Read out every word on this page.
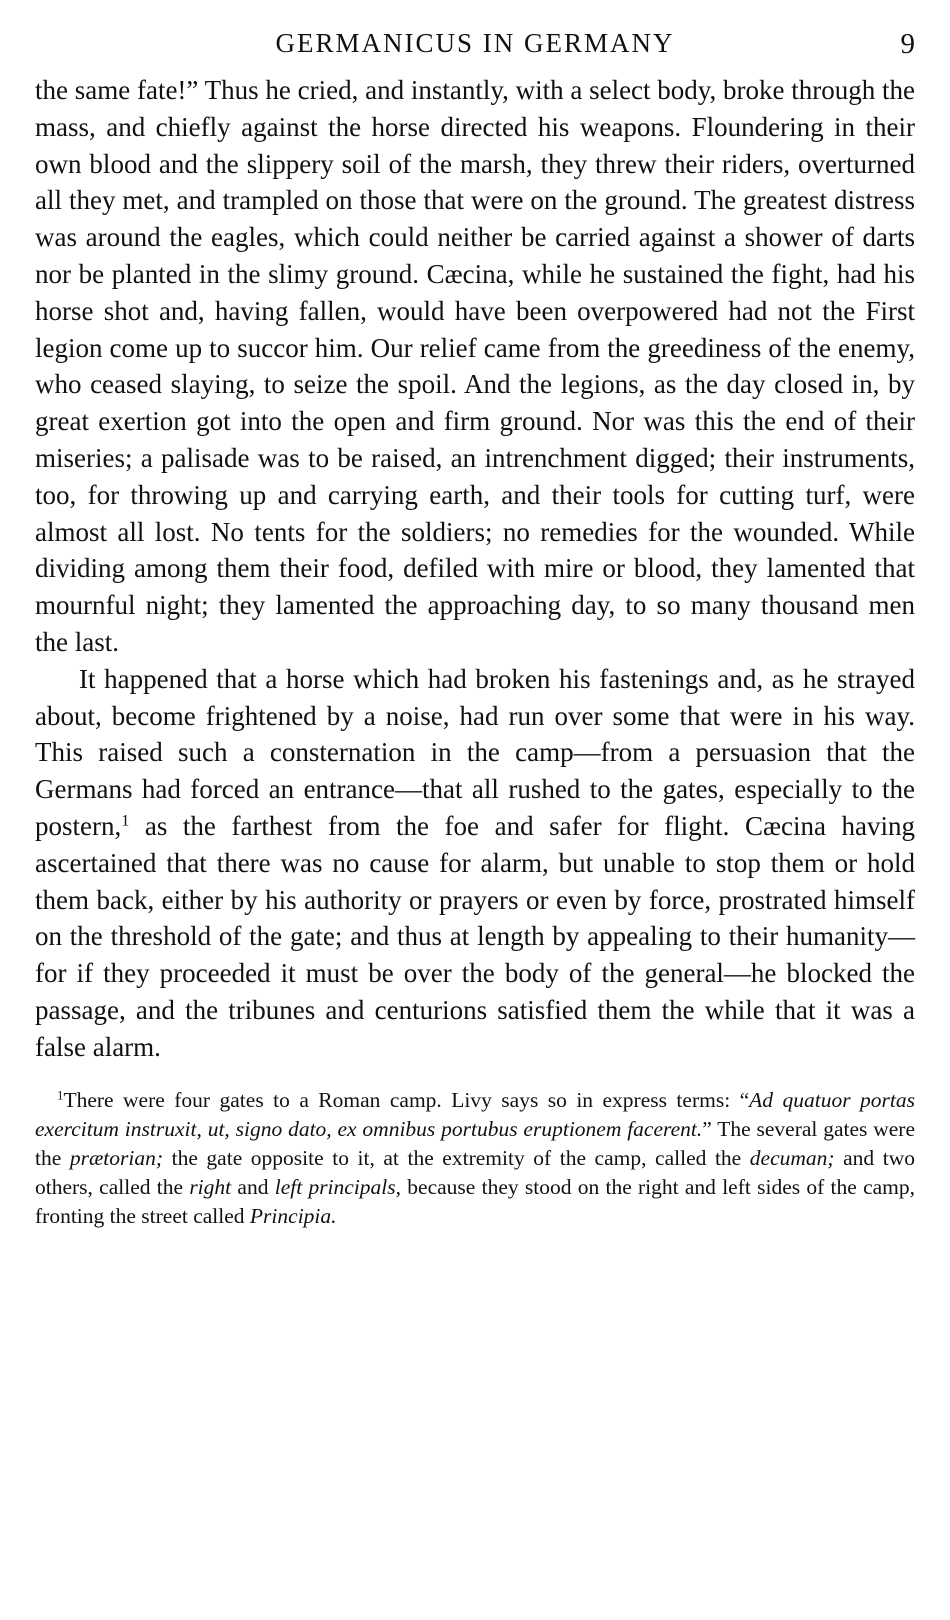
GERMANICUS IN GERMANY	9

the same fate!” Thus he cried, and instantly, with a select body, broke through the mass, and chiefly against the horse directed his weapons. Floundering in their own blood and the slippery soil of the marsh, they threw their riders, overturned all they met, and trampled on those that were on the ground. The greatest distress was around the eagles, which could neither be carried against a shower of darts nor be planted in the slimy ground. Cæcina, while he sustained the fight, had his horse shot and, having fallen, would have been overpowered had not the First legion come up to succor him. Our relief came from the greediness of the enemy, who ceased slaying, to seize the spoil. And the legions, as the day closed in, by great exertion got into the open and firm ground. Nor was this the end of their miseries; a palisade was to be raised, an intrenchment digged; their instruments, too, for throwing up and carrying earth, and their tools for cutting turf, were almost all lost. No tents for the soldiers; no remedies for the wounded. While dividing among them their food, defiled with mire or blood, they lamented that mournful night; they lamented the approaching day, to so many thousand men the last.

It happened that a horse which had broken his fastenings and, as he strayed about, become frightened by a noise, had run over some that were in his way. This raised such a consternation in the camp—from a persuasion that the Germans had forced an entrance—that all rushed to the gates, especially to the postern,$^1$ as the farthest from the foe and safer for flight. Cæcina having ascertained that there was no cause for alarm, but unable to stop them or hold them back, either by his authority or prayers or even by force, prostrated himself on the threshold of the gate; and thus at length by appealing to their humanity—for if they proceeded it must be over the body of the general—he blocked the passage, and the tribunes and centurions satisfied them the while that it was a false alarm.

$^1$There were four gates to a Roman camp. Livy says so in express terms: “Ad quatuor portas exercitum instruxit, ut, signo dato, ex omnibus portubus eruptionem facerent.” The several gates were the prætorian; the gate opposite to it, at the extremity of the camp, called the decuman; and two others, called the right and left principals, because they stood on the right and left sides of the camp, fronting the street called Principia.
